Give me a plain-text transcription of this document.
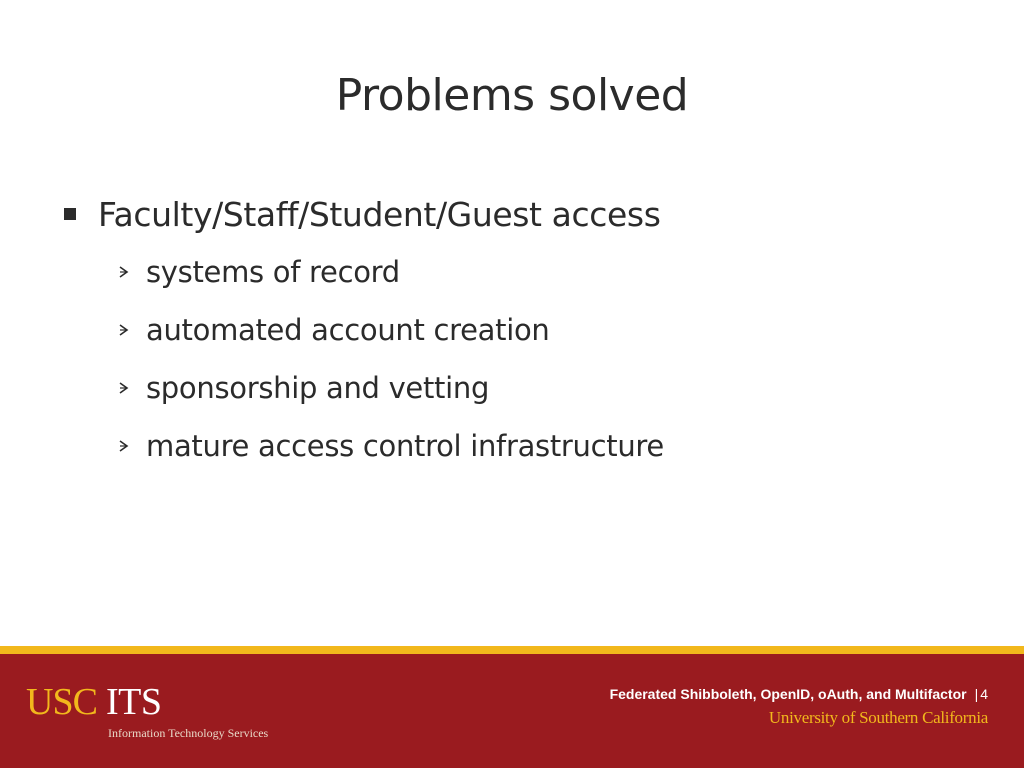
Problems solved
Faculty/Staff/Student/Guest access
systems of record
automated account creation
sponsorship and vetting
mature access control infrastructure
USC ITS
Information Technology Services
Federated Shibboleth, OpenID, oAuth, and Multifactor | 4
University of Southern California
